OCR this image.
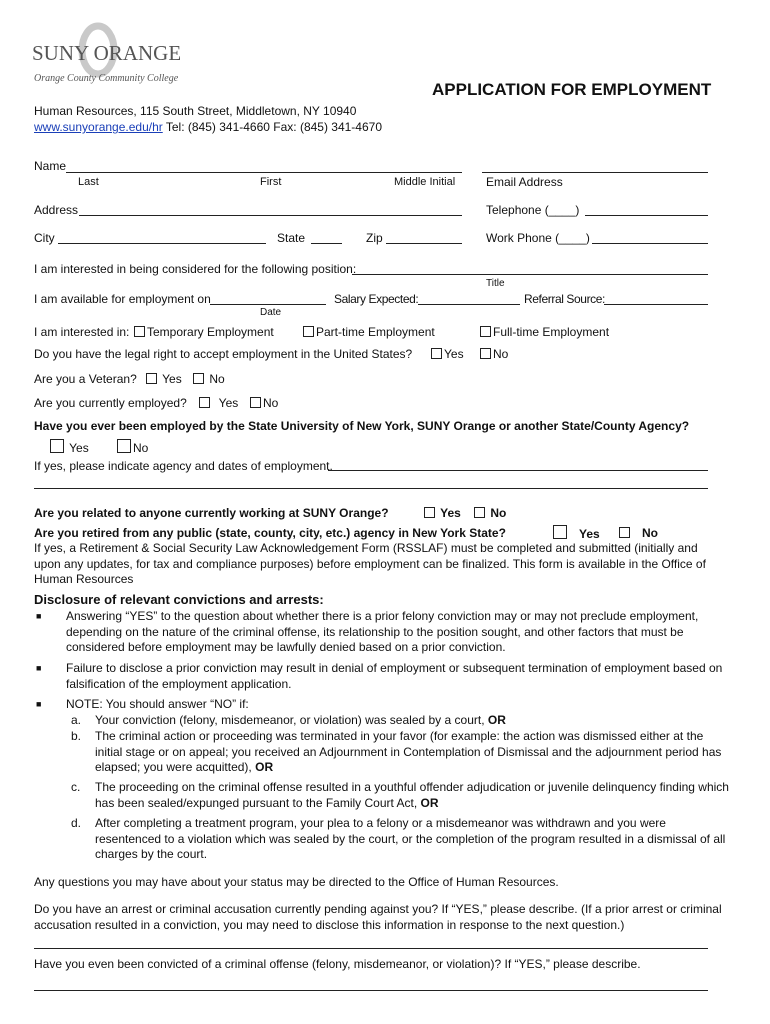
SUNY ORANGE
Orange County Community College
APPLICATION FOR EMPLOYMENT
Human Resources, 115 South Street, Middletown, NY 10940
www.sunyorange.edu/hr Tel: (845) 341-4660 Fax: (845) 341-4670
Name
Last	First	Middle Initial	Email Address
Address	Telephone (____)
City	State	Zip	Work Phone (____)
I am interested in being considered for the following position:
Title
I am available for employment on
Date
Salary Expected:	Referral Source:
I am interested in:	Temporary Employment	Part-time Employment	Full-time Employment
Do you have the legal right to accept employment in the United States?	Yes	No
Are you a Veteran?	Yes	No
Are you currently employed?	Yes	No
Have you ever been employed by the State University of New York, SUNY Orange or another State/County Agency?
Yes	No
If yes, please indicate agency and dates of employment.
Are you related to anyone currently working at SUNY Orange?	Yes	No
Are you retired from any public (state, county, city, etc.) agency in New York State?	Yes	No
If yes, a Retirement & Social Security Law Acknowledgement Form (RSSLAF) must be completed and submitted (initially and upon any updates, for tax and compliance purposes) before employment can be finalized. This form is available in the Office of Human Resources
Disclosure of relevant convictions and arrests:
■ Answering “YES” to the question about whether there is a prior felony conviction may or may not preclude employment, depending on the nature of the criminal offense, its relationship to the position sought, and other factors that must be considered before employment may be lawfully denied based on a prior conviction.
■ Failure to disclose a prior conviction may result in denial of employment or subsequent termination of employment based on falsification of the employment application.
■ NOTE: You should answer “NO” if:
a. Your conviction (felony, misdemeanor, or violation) was sealed by a court, OR
b. The criminal action or proceeding was terminated in your favor (for example: the action was dismissed either at the initial stage or on appeal; you received an Adjournment in Contemplation of Dismissal and the adjournment period has elapsed; you were acquitted), OR
c. The proceeding on the criminal offense resulted in a youthful offender adjudication or juvenile delinquency finding which has been sealed/expunged pursuant to the Family Court Act, OR
d. After completing a treatment program, your plea to a felony or a misdemeanor was withdrawn and you were resentenced to a violation which was sealed by the court, or the completion of the program resulted in a dismissal of all charges by the court.
Any questions you may have about your status may be directed to the Office of Human Resources.
Do you have an arrest or criminal accusation currently pending against you? If “YES,” please describe. (If a prior arrest or criminal accusation resulted in a conviction, you may need to disclose this information in response to the next question.)
Have you even been convicted of a criminal offense (felony, misdemeanor, or violation)? If “YES,” please describe.
